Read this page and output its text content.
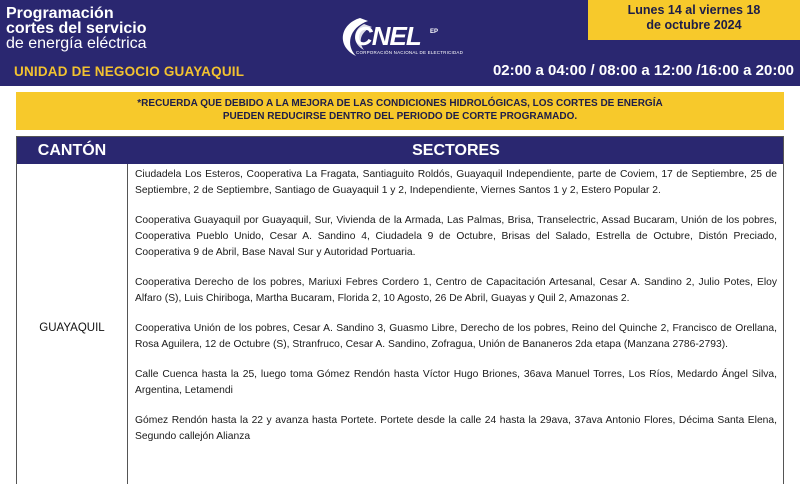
Programación
cortes del servicio
de energía eléctrica
UNIDAD DE NEGOCIO GUAYAQUIL
CNEL EP
CORPORACIÓN NACIONAL DE ELECTRICIDAD
Lunes 14 al viernes 18
de octubre 2024
02:00 a 04:00 / 08:00 a 12:00 /16:00 a 20:00
*RECUERDA QUE DEBIDO A LA MEJORA DE LAS CONDICIONES HIDROLÓGICAS, LOS CORTES DE ENERGÍA
PUEDEN REDUCIRSE DENTRO DEL PERIODO DE CORTE PROGRAMADO.
CANTÓN	SECTORES
GUAYAQUIL

Ciudadela Los Esteros, Cooperativa La Fragata, Santiaguito Roldós, Guayaquil Independiente, parte de Coviem, 17 de Septiembre, 25 de Septiembre, 2 de Septiembre, Santiago de Guayaquil 1 y 2, Independiente, Viernes Santos 1 y 2, Estero Popular 2.

Cooperativa Guayaquil por Guayaquil, Sur, Vivienda de la Armada, Las Palmas, Brisa, Transelectric, Assad Bucaram, Unión de los pobres, Cooperativa Pueblo Unido, Cesar A. Sandino 4, Ciudadela 9 de Octubre, Brisas del Salado, Estrella de Octubre, Distón Preciado, Cooperativa 9 de Abril, Base Naval Sur y Autoridad Portuaria.

Cooperativa Derecho de los pobres, Mariuxi Febres Cordero 1, Centro de Capacitación Artesanal, Cesar A. Sandino 2, Julio Potes, Eloy Alfaro (S), Luis Chiriboga, Martha Bucaram, Florida 2, 10 Agosto, 26 De Abril, Guayas y Quil 2, Amazonas 2.

Cooperativa Unión de los pobres, Cesar A. Sandino 3, Guasmo Libre, Derecho de los pobres, Reino del Quinche 2, Francisco de Orellana, Rosa Aguilera, 12 de Octubre (S), Stranfruco, Cesar A. Sandino, Zofragua, Unión de Bananeros 2da etapa (Manzana 2786-2793).

Calle Cuenca hasta la 25, luego toma Gómez Rendón hasta Víctor Hugo Briones, 36ava Manuel Torres, Los Ríos, Medardo Ángel Silva, Argentina, Letamendi

Gómez Rendón hasta la 22 y avanza hasta Portete. Portete desde la calle 24 hasta la 29ava, 37ava Antonio Flores, Décima Santa Elena, Segundo callejón Alianza
